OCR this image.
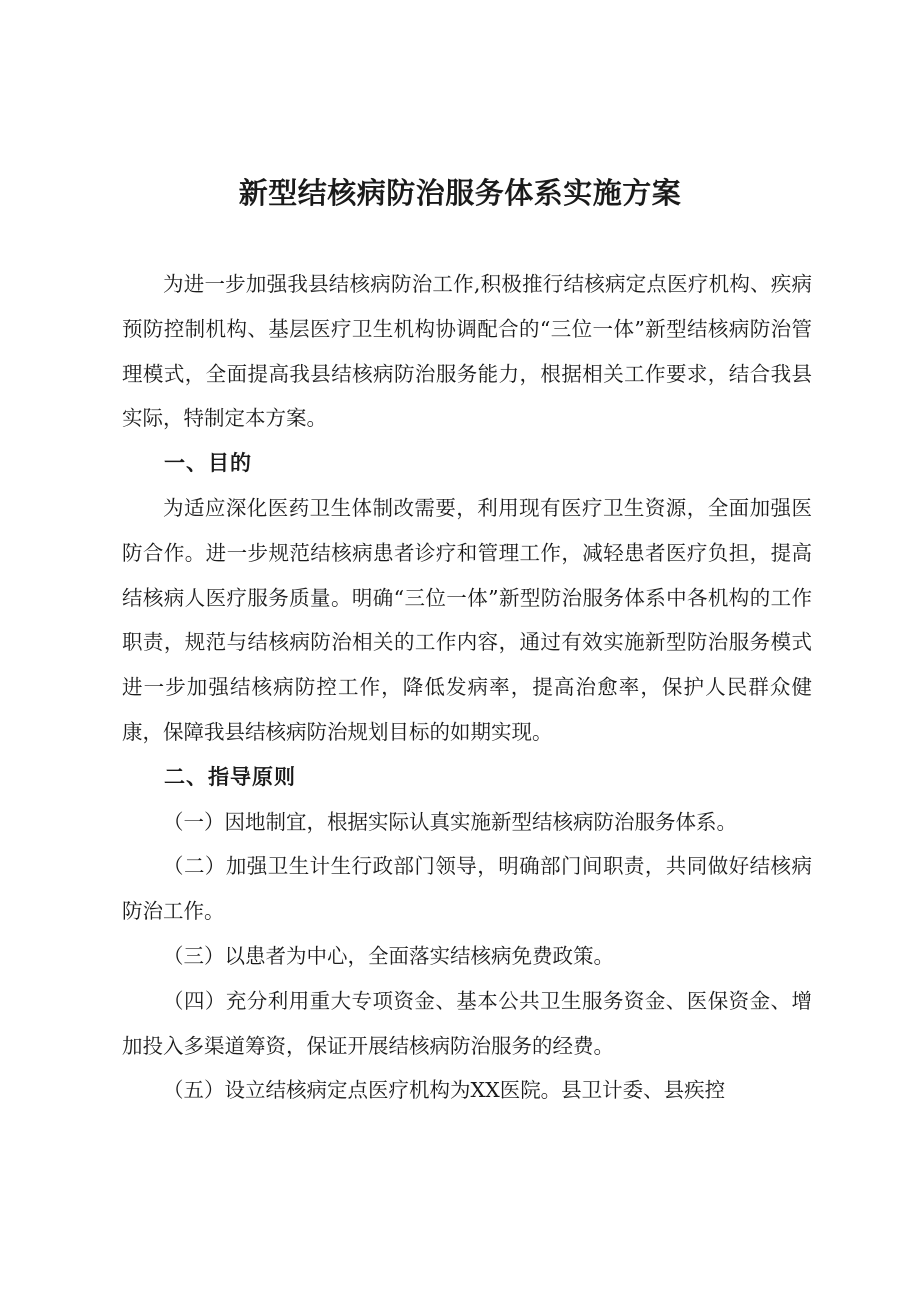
新型结核病防治服务体系实施方案

为进一步加强我县结核病防治工作,积极推行结核病定点医疗机构、疾病预防控制机构、基层医疗卫生机构协调配合的“三位一体”新型结核病防治管理模式，全面提高我县结核病防治服务能力，根据相关工作要求，结合我县实际，特制定本方案。

一、目的

为适应深化医药卫生体制改需要，利用现有医疗卫生资源，全面加强医防合作。进一步规范结核病患者诊疗和管理工作，减轻患者医疗负担，提高结核病人医疗服务质量。明确“三位一体”新型防治服务体系中各机构的工作职责，规范与结核病防治相关的工作内容，通过有效实施新型防治服务模式进一步加强结核病防控工作，降低发病率，提高治愈率，保护人民群众健康，保障我县结核病防治规划目标的如期实现。

二、指导原则

（一）因地制宜，根据实际认真实施新型结核病防治服务体系。

（二）加强卫生计生行政部门领导，明确部门间职责，共同做好结核病防治工作。

（三）以患者为中心，全面落实结核病免费政策。

（四）充分利用重大专项资金、基本公共卫生服务资金、医保资金、增加投入多渠道筹资，保证开展结核病防治服务的经费。

（五）设立结核病定点医疗机构为XX医院。县卫计委、县疾控
